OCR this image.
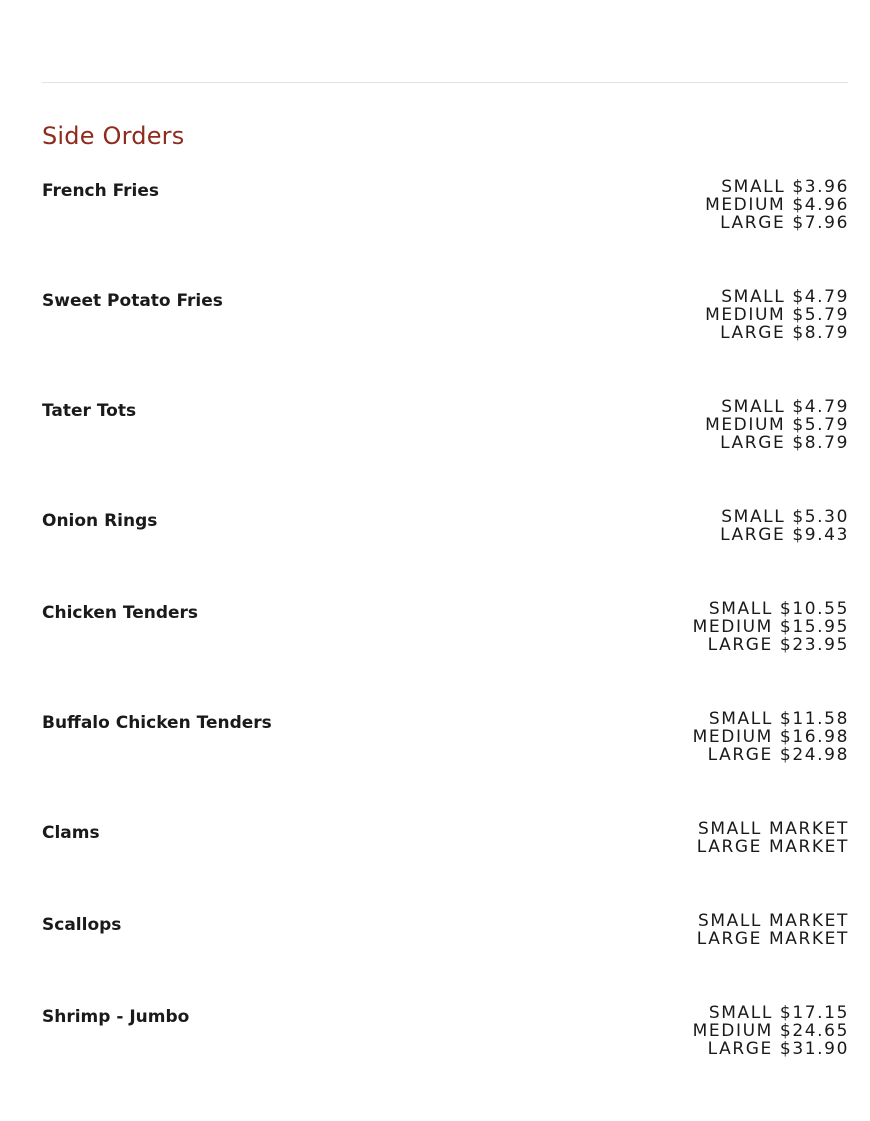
Side Orders
French Fries	SMALL $3.96
MEDIUM $4.96
LARGE $7.96
Sweet Potato Fries	SMALL $4.79
MEDIUM $5.79
LARGE $8.79
Tater Tots	SMALL $4.79
MEDIUM $5.79
LARGE $8.79
Onion Rings	SMALL $5.30
LARGE $9.43
Chicken Tenders	SMALL $10.55
MEDIUM $15.95
LARGE $23.95
Buffalo Chicken Tenders	SMALL $11.58
MEDIUM $16.98
LARGE $24.98
Clams	SMALL MARKET
LARGE MARKET
Scallops	SMALL MARKET
LARGE MARKET
Shrimp - Jumbo	SMALL $17.15
MEDIUM $24.65
LARGE $31.90
